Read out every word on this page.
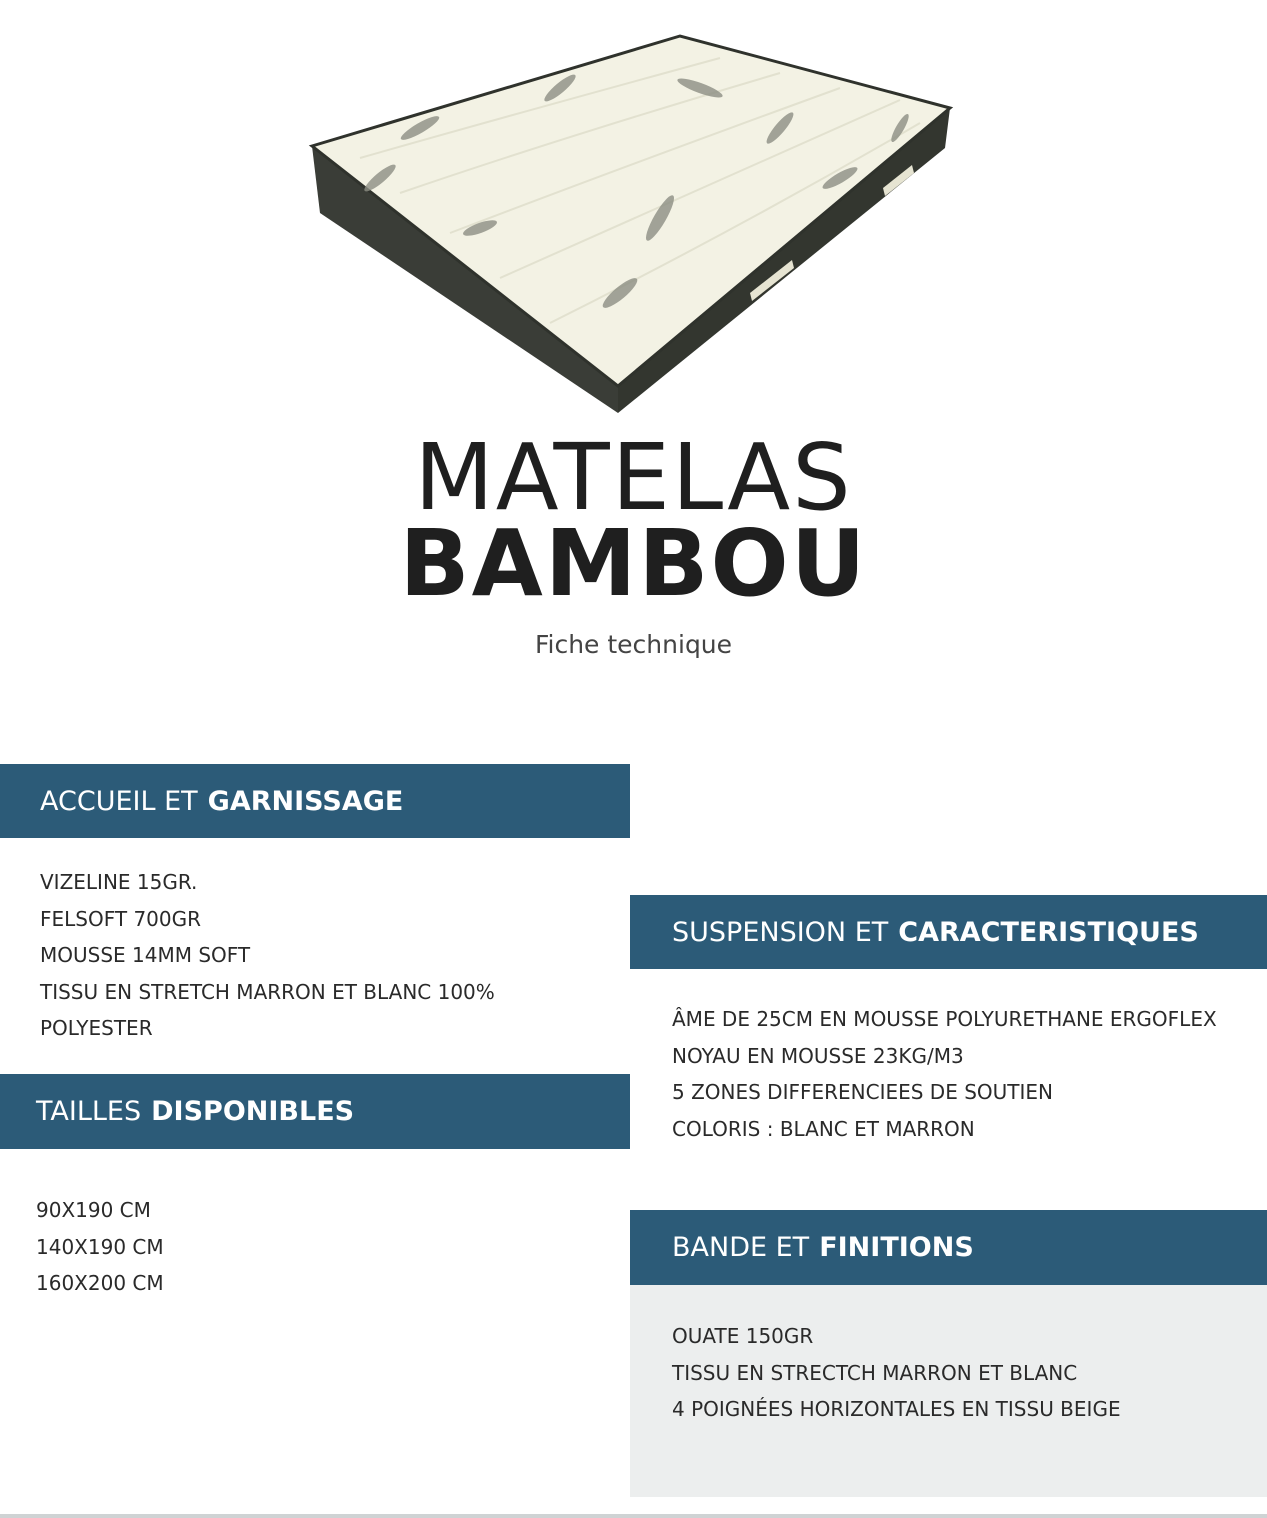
MATELAS
BAMBOU
Fiche technique
ACCUEIL ET GARNISSAGE
VIZELINE 15GR.
FELSOFT 700GR
MOUSSE 14MM SOFT
TISSU EN STRETCH MARRON ET BLANC 100%
POLYESTER
TAILLES DISPONIBLES
90X190 CM
140X190 CM
160X200 CM
SUSPENSION ET CARACTERISTIQUES
ÂME DE 25CM EN MOUSSE POLYURETHANE ERGOFLEX
NOYAU EN MOUSSE 23KG/M3
5 ZONES DIFFERENCIEES DE SOUTIEN
COLORIS : BLANC ET MARRON
BANDE ET FINITIONS
OUATE 150GR
TISSU EN STRECTCH MARRON ET BLANC
4 POIGNÉES HORIZONTALES EN TISSU BEIGE
